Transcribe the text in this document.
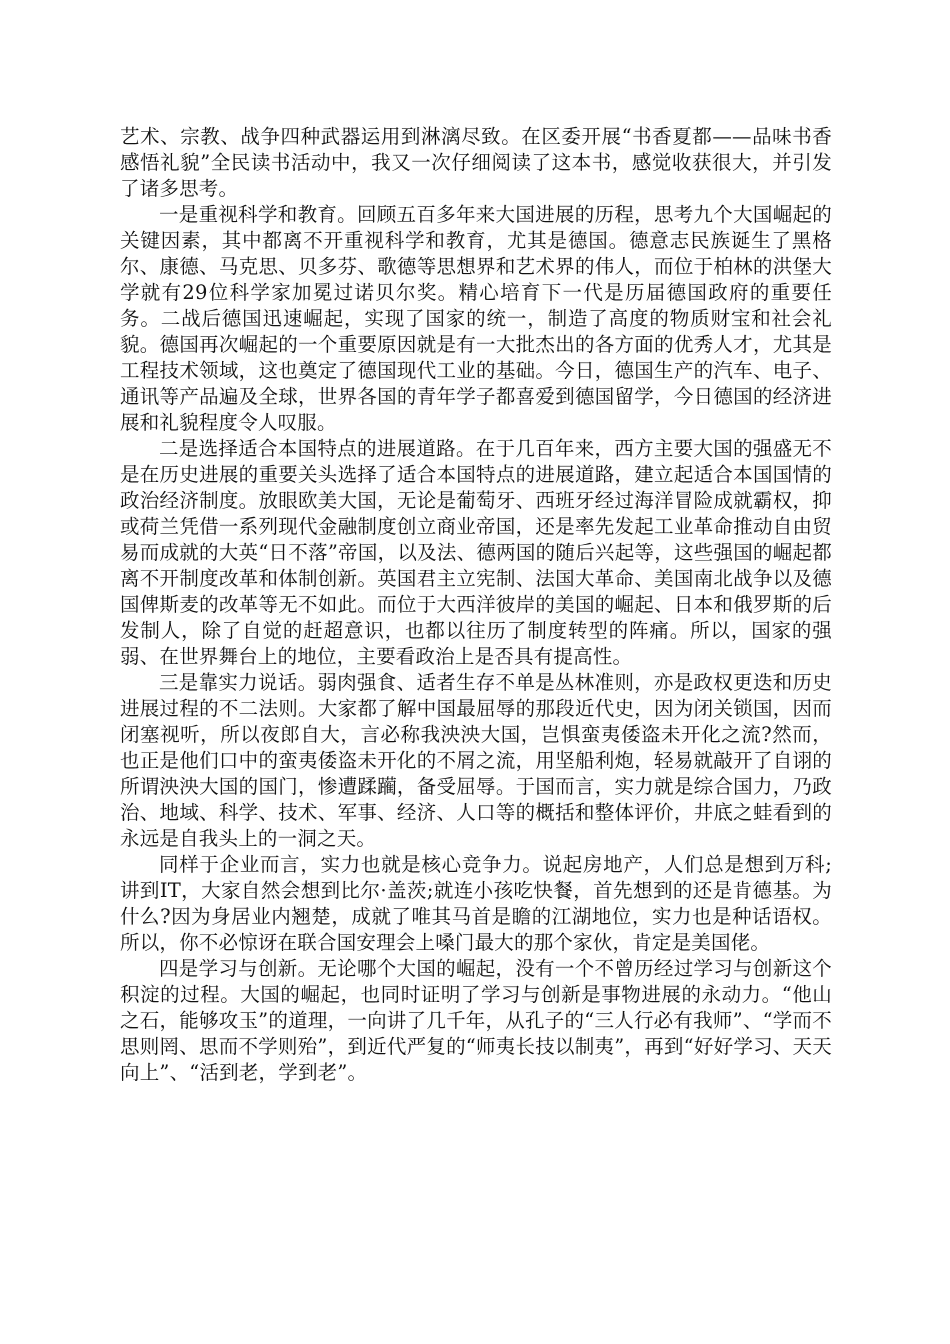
艺术、宗教、战争四种武器运用到淋漓尽致。在区委开展“书香夏都——品味书香感悟礼貌”全民读书活动中，我又一次仔细阅读了这本书，感觉收获很大，并引发了诸多思考。

一是重视科学和教育。回顾五百多年来大国进展的历程，思考九个大国崛起的关键因素，其中都离不开重视科学和教育，尤其是德国。德意志民族诞生了黑格尔、康德、马克思、贝多芬、歌德等思想界和艺术界的伟人，而位于柏林的洪堡大学就有29位科学家加冕过诺贝尔奖。精心培育下一代是历届德国政府的重要任务。二战后德国迅速崛起，实现了国家的统一，制造了高度的物质财宝和社会礼貌。德国再次崛起的一个重要原因就是有一大批杰出的各方面的优秀人才，尤其是工程技术领域，这也奠定了德国现代工业的基础。今日，德国生产的汽车、电子、通讯等产品遍及全球，世界各国的青年学子都喜爱到德国留学，今日德国的经济进展和礼貌程度令人叹服。

二是选择适合本国特点的进展道路。在于几百年来，西方主要大国的强盛无不是在历史进展的重要关头选择了适合本国特点的进展道路，建立起适合本国国情的政治经济制度。放眼欧美大国，无论是葡萄牙、西班牙经过海洋冒险成就霸权，抑或荷兰凭借一系列现代金融制度创立商业帝国，还是率先发起工业革命推动自由贸易而成就的大英“日不落”帝国，以及法、德两国的随后兴起等，这些强国的崛起都离不开制度改革和体制创新。英国君主立宪制、法国大革命、美国南北战争以及德国俾斯麦的改革等无不如此。而位于大西洋彼岸的美国的崛起、日本和俄罗斯的后发制人，除了自觉的赶超意识，也都以往历了制度转型的阵痛。所以，国家的强弱、在世界舞台上的地位，主要看政治上是否具有提高性。

三是靠实力说话。弱肉强食、适者生存不单是丛林准则，亦是政权更迭和历史进展过程的不二法则。大家都了解中国最屈辱的那段近代史，因为闭关锁国，因而闭塞视听，所以夜郎自大，言必称我泱泱大国，岂惧蛮夷倭盗未开化之流?然而，也正是他们口中的蛮夷倭盗未开化的不屑之流，用坚船利炮，轻易就敲开了自诩的所谓泱泱大国的国门，惨遭蹂躏，备受屈辱。于国而言，实力就是综合国力，乃政治、地域、科学、技术、军事、经济、人口等的概括和整体评价，井底之蛙看到的永远是自我头上的一洞之天。

同样于企业而言，实力也就是核心竞争力。说起房地产，人们总是想到万科;讲到IT，大家自然会想到比尔·盖茨;就连小孩吃快餐，首先想到的还是肯德基。为什么?因为身居业内翘楚，成就了唯其马首是瞻的江湖地位，实力也是种话语权。所以，你不必惊讶在联合国安理会上嗓门最大的那个家伙，肯定是美国佬。

四是学习与创新。无论哪个大国的崛起，没有一个不曾历经过学习与创新这个积淀的过程。大国的崛起，也同时证明了学习与创新是事物进展的永动力。“他山之石，能够攻玉”的道理，一向讲了几千年，从孔子的“三人行必有我师”、“学而不思则罔、思而不学则殆”，到近代严复的“师夷长技以制夷”，再到“好好学习、天天向上”、“活到老，学到老”。
